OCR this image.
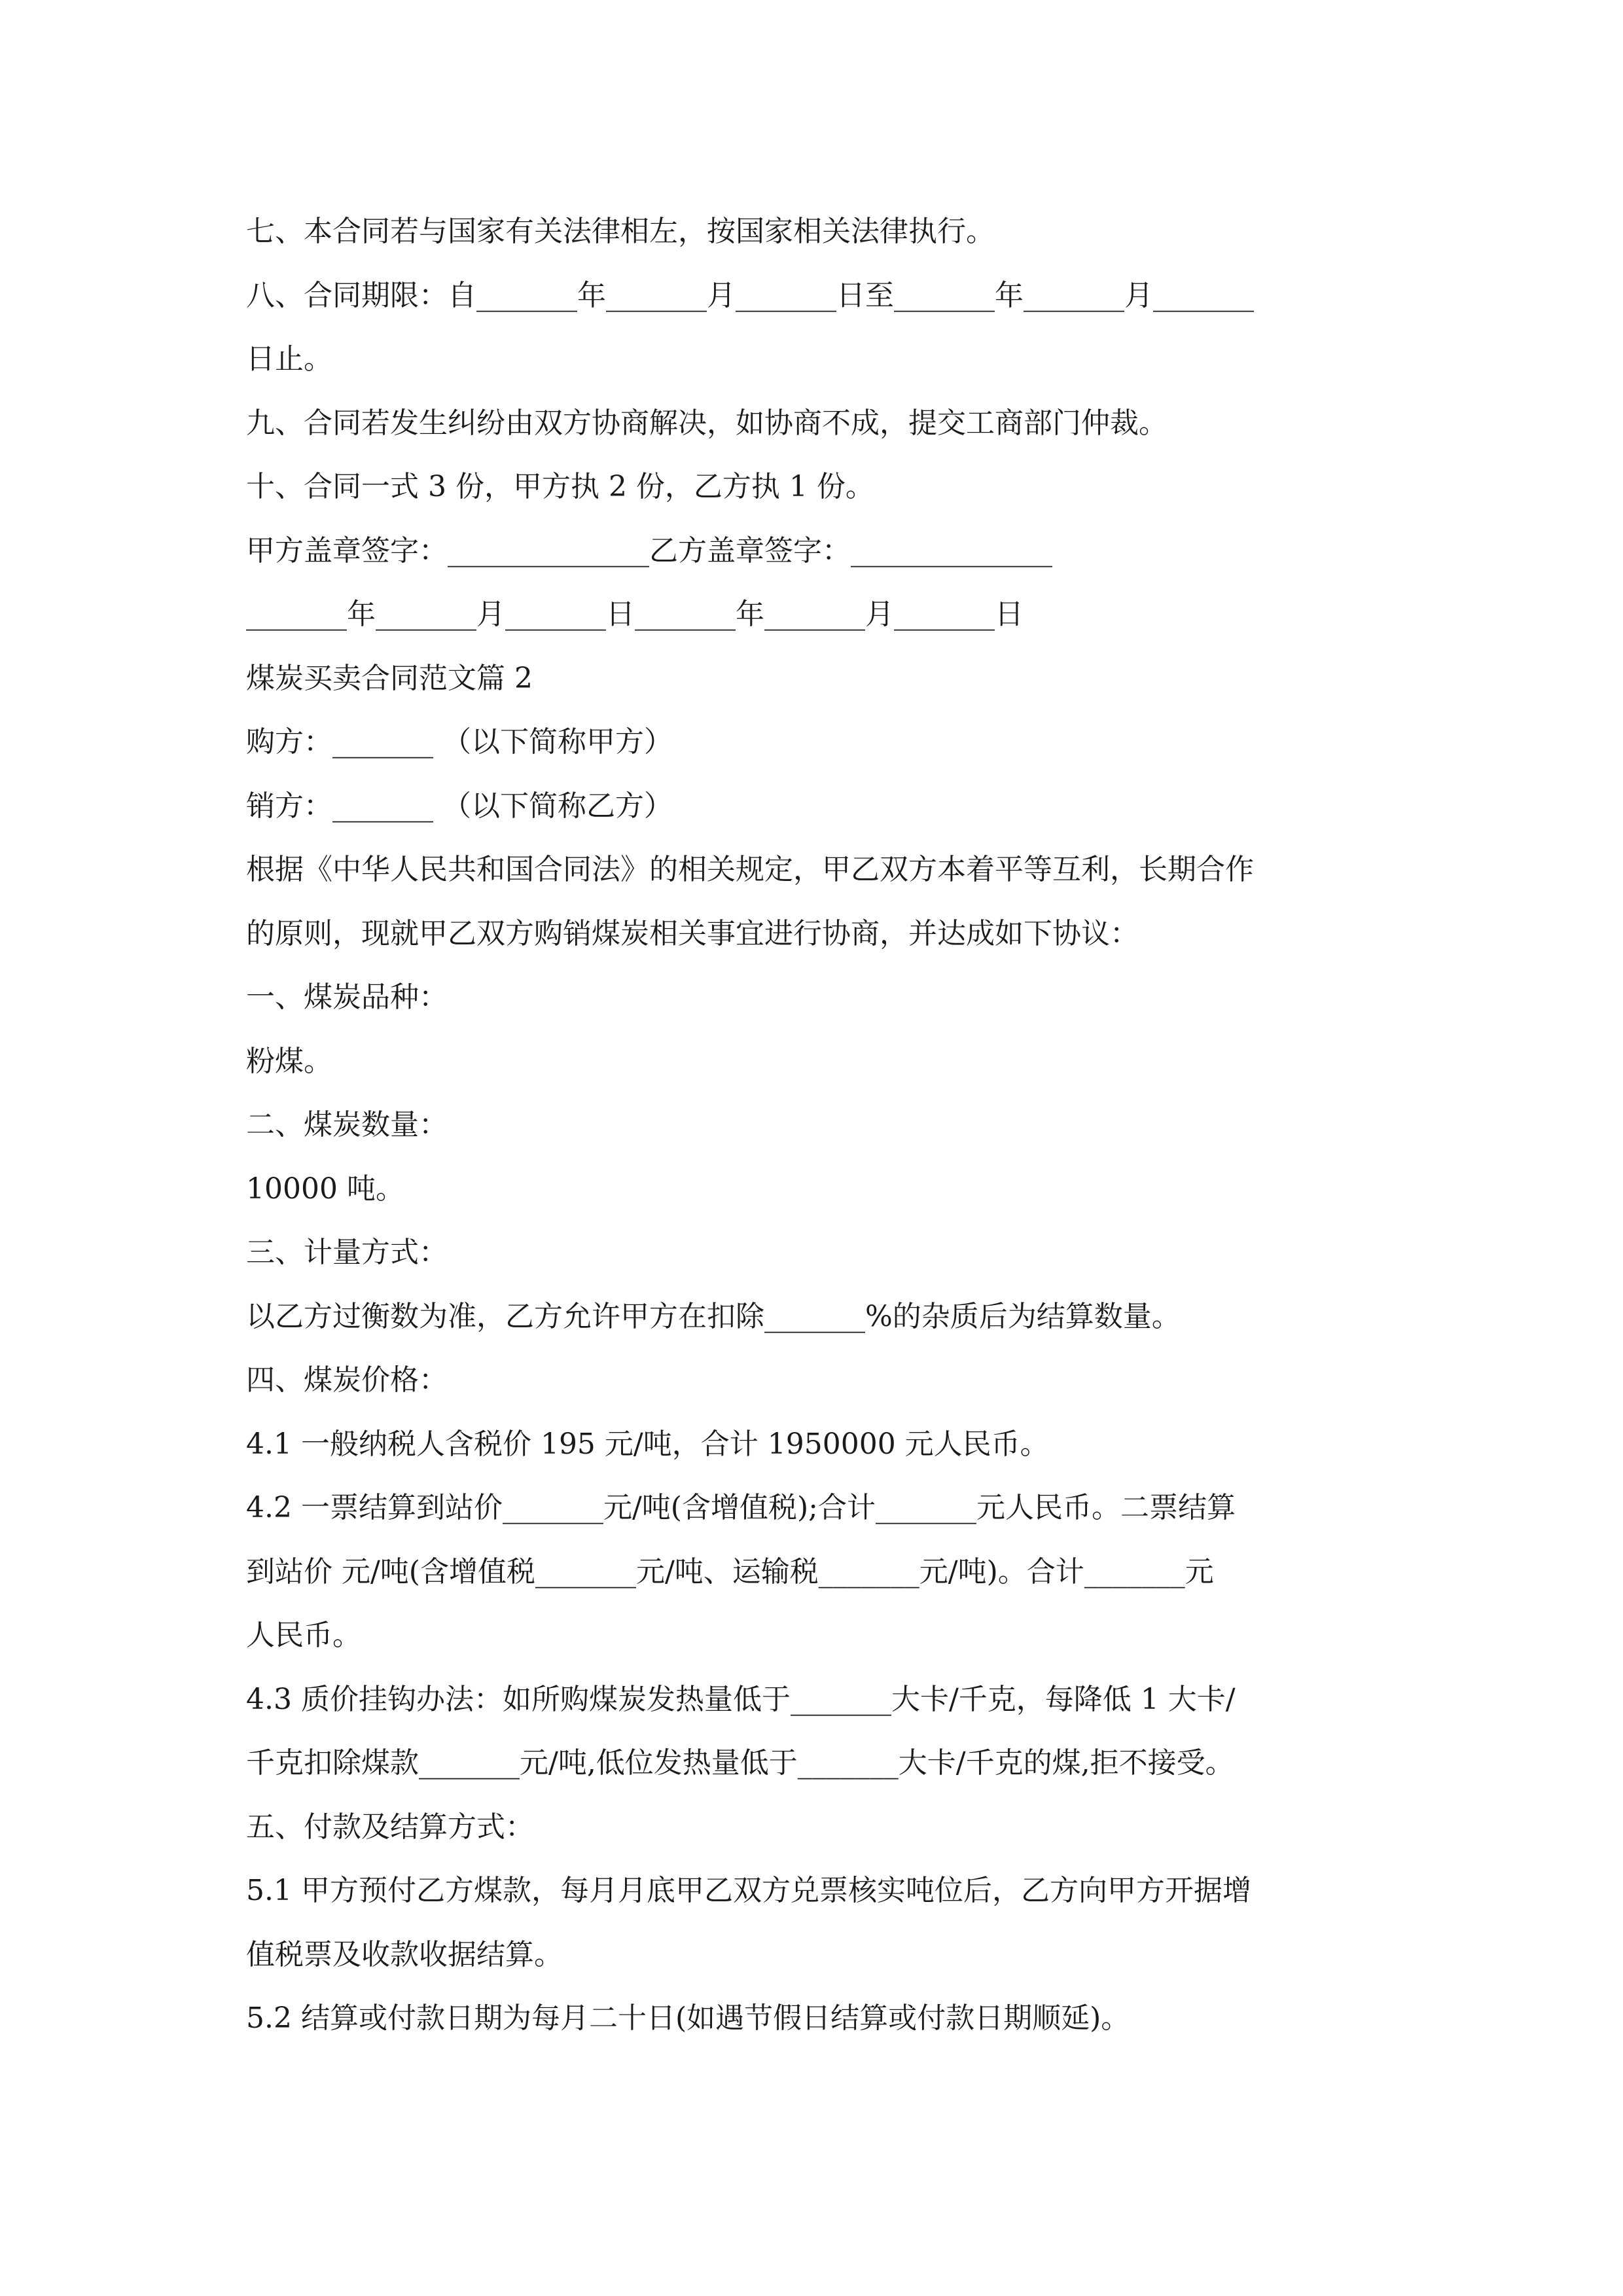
七、本合同若与国家有关法律相左，按国家相关法律执行。
八、合同期限：自_______年_______月_______日至_______年_______月_______
日止。
九、合同若发生纠纷由双方协商解决，如协商不成，提交工商部门仲裁。
十、合同一式 3 份，甲方执 2 份，乙方执 1 份。
甲方盖章签字：______________乙方盖章签字：______________
_______年_______月_______日_______年_______月_______日
煤炭买卖合同范文篇 2
购方：_______ （以下简称甲方）
销方：_______ （以下简称乙方）
根据《中华人民共和国合同法》的相关规定，甲乙双方本着平等互利，长期合作
的原则，现就甲乙双方购销煤炭相关事宜进行协商，并达成如下协议：
一、煤炭品种：
粉煤。
二、煤炭数量：
10000 吨。
三、计量方式：
以乙方过衡数为准，乙方允许甲方在扣除_______%的杂质后为结算数量。
四、煤炭价格：
4.1 一般纳税人含税价 195 元/吨，合计 1950000 元人民币。
4.2 一票结算到站价_______元/吨(含增值税);合计_______元人民币。二票结算
到站价 元/吨(含增值税_______元/吨、运输税_______元/吨)。合计_______元
人民币。
4.3 质价挂钩办法：如所购煤炭发热量低于_______大卡/千克，每降低 1 大卡/
千克扣除煤款_______元/吨,低位发热量低于_______大卡/千克的煤,拒不接受。
五、付款及结算方式：
5.1 甲方预付乙方煤款，每月月底甲乙双方兑票核实吨位后，乙方向甲方开据增
值税票及收款收据结算。
5.2 结算或付款日期为每月二十日(如遇节假日结算或付款日期顺延)。
